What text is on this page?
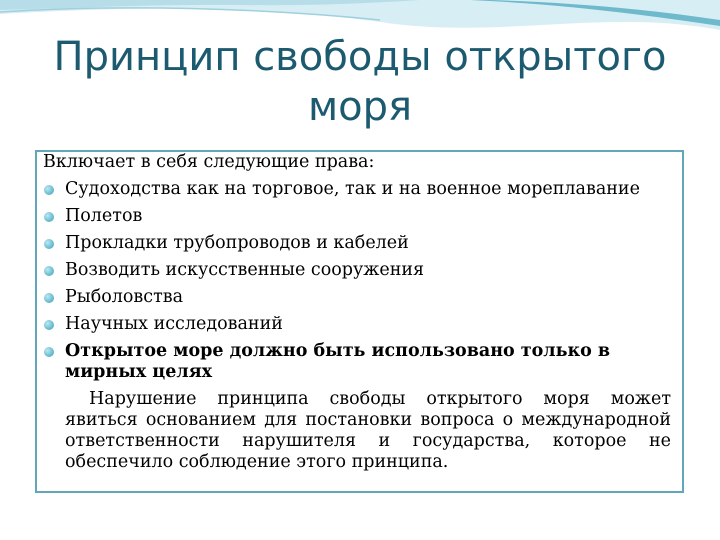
Принцип свободы открытого моря

Включает в себя следующие права:

Судоходства как на торговое, так и на военное мореплавание
Полетов
Прокладки трубопроводов и кабелей
Возводить искусственные сооружения
Рыболовства
Научных исследований
Открытое море должно быть использовано только в мирных целях

Нарушение принципа свободы открытого моря может явиться основанием для постановки вопроса о международной ответственности нарушителя и государства, которое не обеспечило соблюдение этого принципа.
